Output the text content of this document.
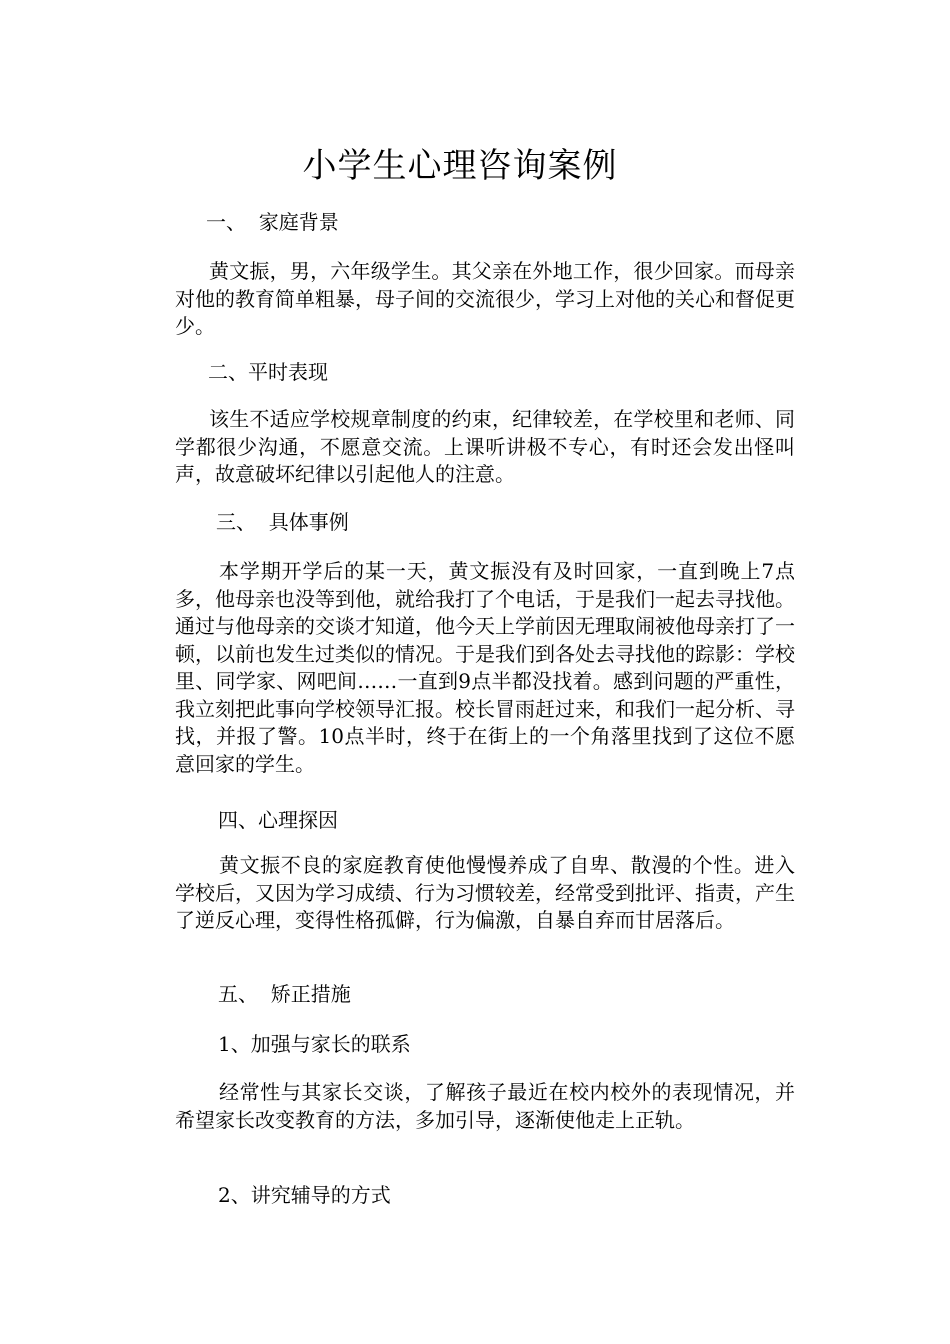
小学生心理咨询案例
一、  家庭背景

黄文振，男，六年级学生。其父亲在外地工作，很少回家。而母亲对他的教育简单粗暴，母子间的交流很少，学习上对他的关心和督促更少。

二、平时表现

该生不适应学校规章制度的约束，纪律较差，在学校里和老师、同学都很少沟通，不愿意交流。上课听讲极不专心，有时还会发出怪叫声，故意破坏纪律以引起他人的注意。

三、  具体事例

本学期开学后的某一天，黄文振没有及时回家，一直到晚上7点多，他母亲也没等到他，就给我打了个电话，于是我们一起去寻找他。通过与他母亲的交谈才知道，他今天上学前因无理取闹被他母亲打了一顿，以前也发生过类似的情况。于是我们到各处去寻找他的踪影：学校里、同学家、网吧间……一直到9点半都没找着。感到问题的严重性，我立刻把此事向学校领导汇报。校长冒雨赶过来，和我们一起分析、寻找，并报了警。10点半时，终于在街上的一个角落里找到了这位不愿意回家的学生。

四、心理探因

黄文振不良的家庭教育使他慢慢养成了自卑、散漫的个性。进入学校后，又因为学习成绩、行为习惯较差，经常受到批评、指责，产生了逆反心理，变得性格孤僻，行为偏激，自暴自弃而甘居落后。

五、  矫正措施
1、加强与家长的联系

经常性与其家长交谈，了解孩子最近在校内校外的表现情况，并希望家长改变教育的方法，多加引导，逐渐使他走上正轨。

2、讲究辅导的方式
